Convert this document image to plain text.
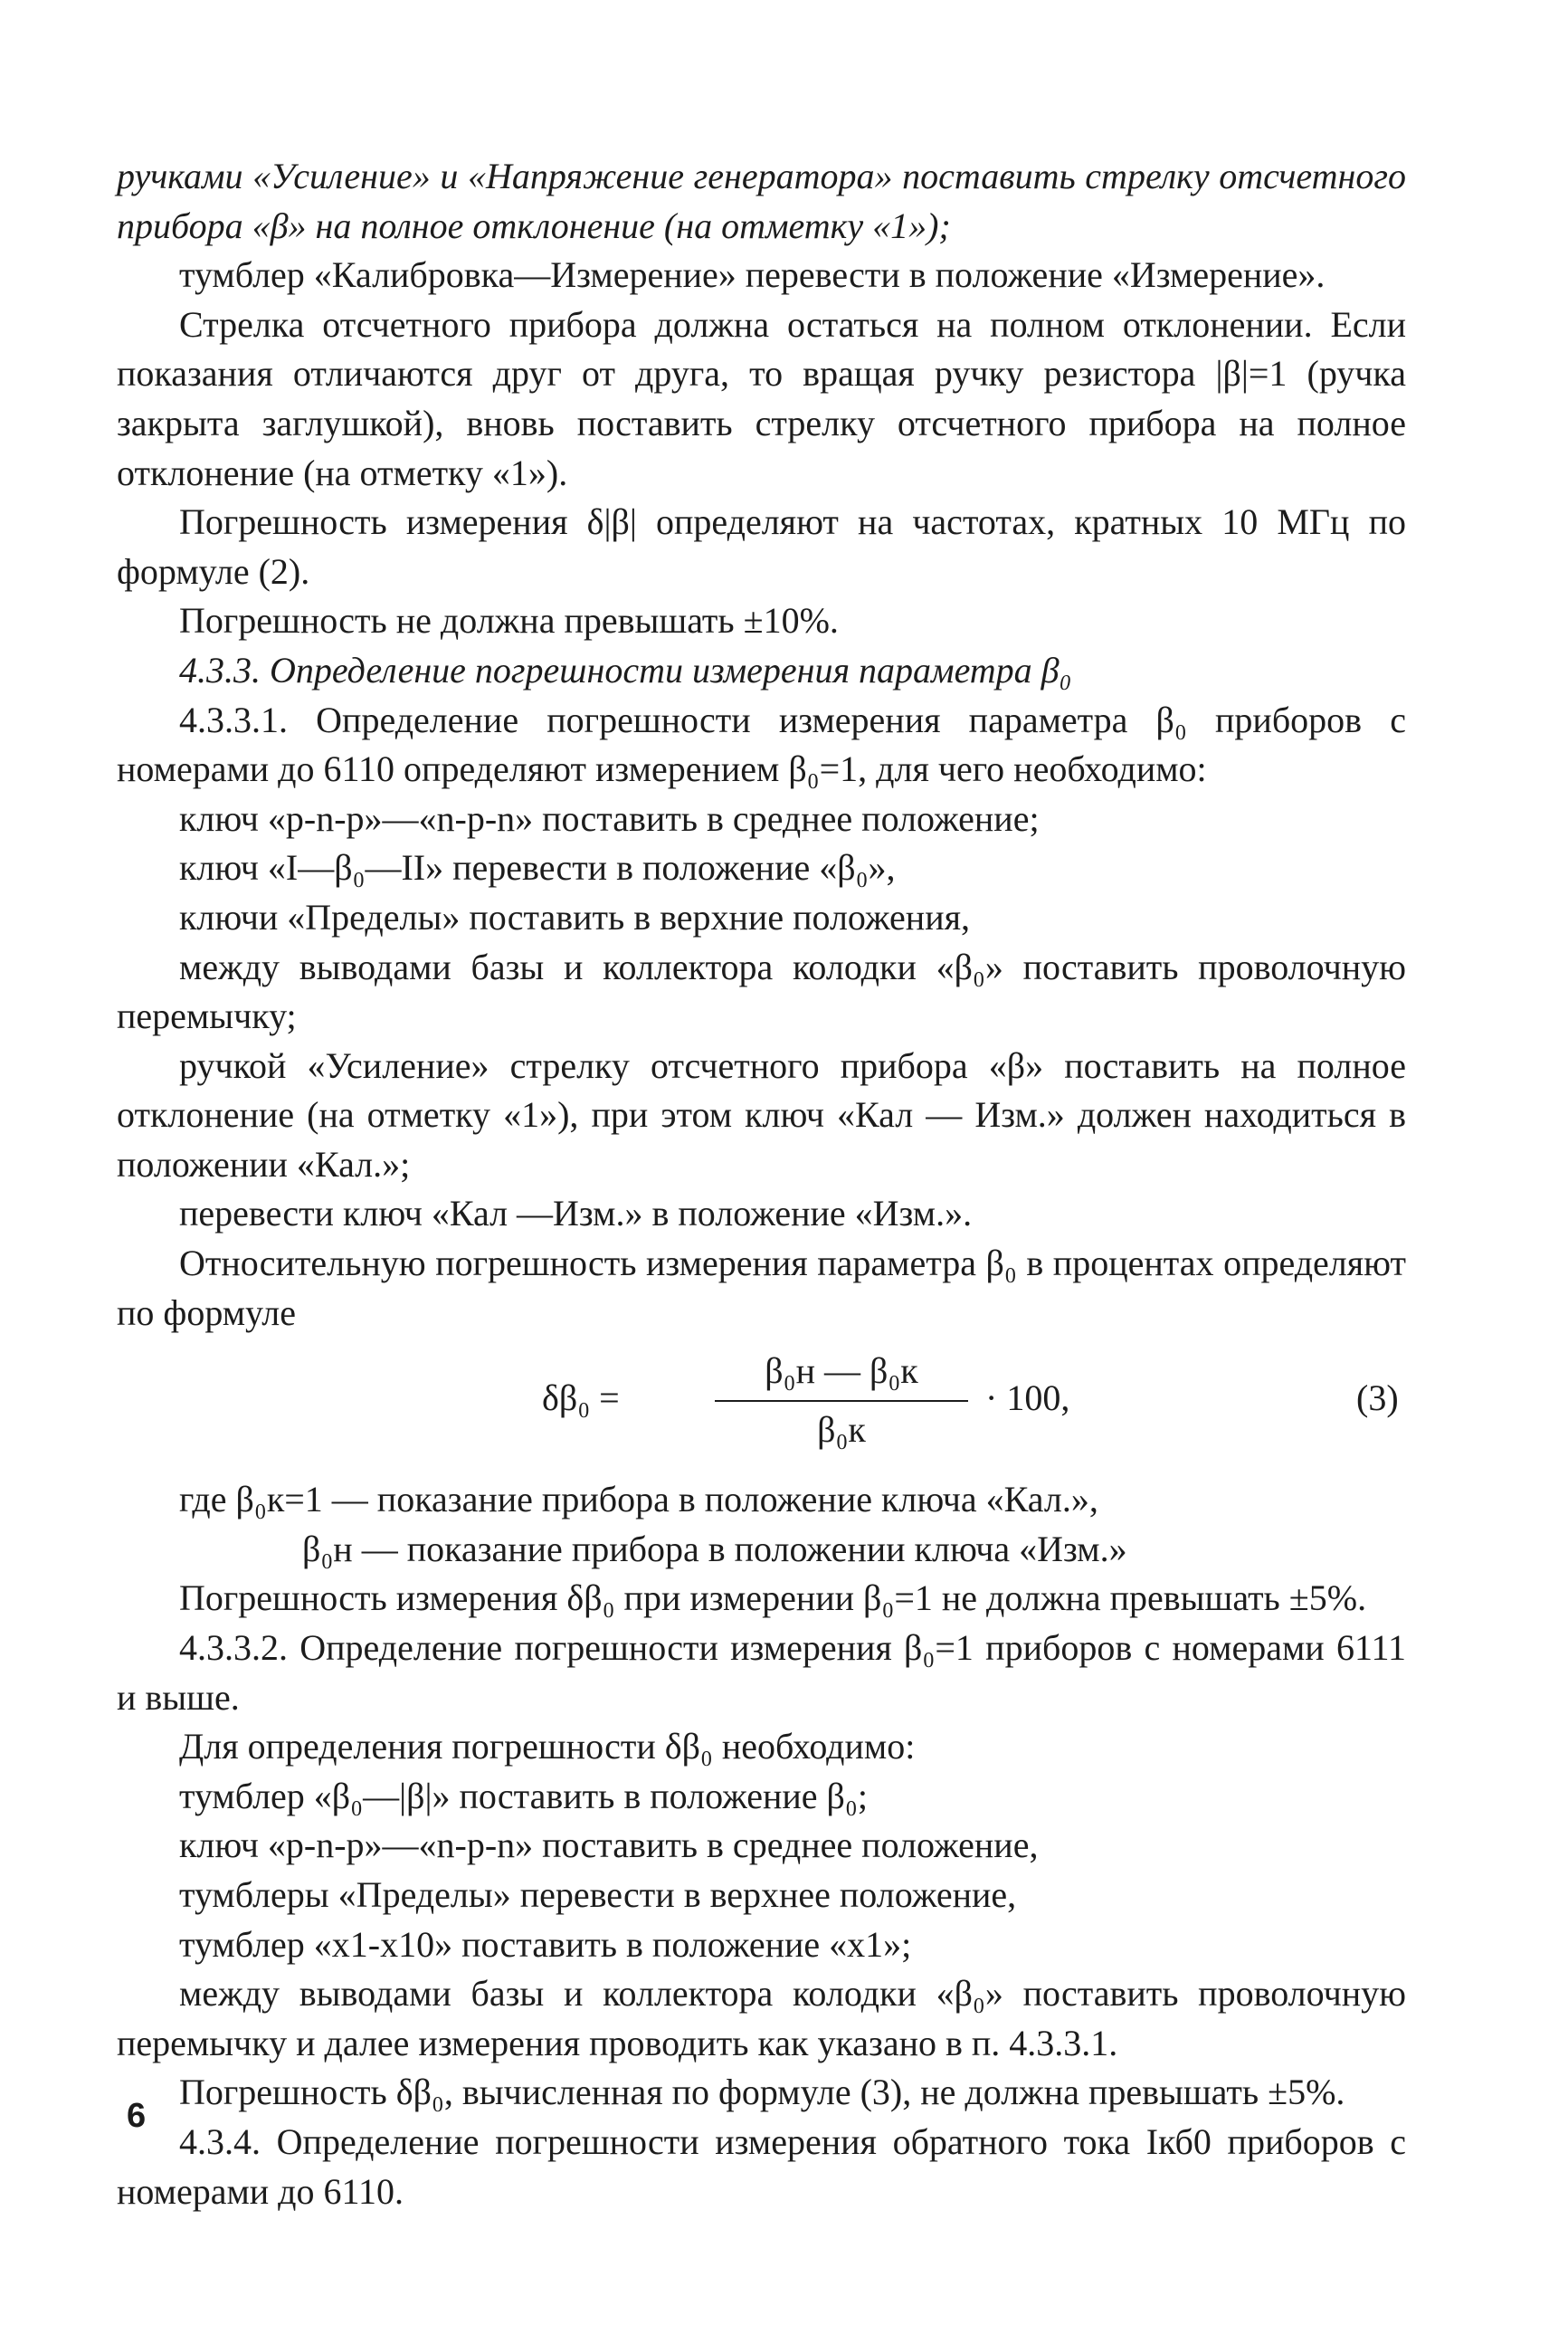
ручками «Усиление» и «Напряжение генератора» поставить стрелку отсчетного прибора «β» на полное отклонение (на отметку «1»);

тумблер «Калибровка—Измерение» перевести в положение «Измерение».

Стрелка отсчетного прибора должна остаться на полном отклонении. Если показания отличаются друг от друга, то вращая ручку резистора |β|=1 (ручка закрыта заглушкой), вновь поставить стрелку отсчетного прибора на полное отклонение (на отметку «1»).

Погрешность измерения δ|β| определяют на частотах, кратных 10 МГц по формуле (2).

Погрешность не должна превышать ±10%.

4.3.3. Определение погрешности измерения параметра β₀

4.3.3.1. Определение погрешности измерения параметра β₀ приборов с номерами до 6110 определяют измерением β₀=1, для чего необходимо:

ключ «p-n-p»—«n-p-n» поставить в среднее положение;

ключ «I—β₀—II» перевести в положение «β₀»,

ключи «Пределы» поставить в верхние положения,

между выводами базы и коллектора колодки «β₀» поставить проволочную перемычку;

ручкой «Усиление» стрелку отсчетного прибора «β» поставить на полное отклонение (на отметку «1»), при этом ключ «Кал — Изм.» должен находиться в положении «Кал.»;

перевести ключ «Кал —Изм.» в положение «Изм.».

Относительную погрешность измерения параметра β₀ в процентах определяют по формуле

δβ₀ =
β₀н — β₀к
β₀к
· 100,	(3)

где β₀к=1 — показание прибора в положение ключа «Кал.»,

β₀н — показание прибора в положении ключа «Изм.»

Погрешность измерения δβ₀ при измерении β₀=1 не должна превышать ±5%.

4.3.3.2. Определение погрешности измерения β₀=1 приборов с номерами 6111 и выше.

Для определения погрешности δβ₀ необходимо:

тумблер «β₀—|β|» поставить в положение β₀;

ключ «p-n-p»—«n-p-n» поставить в среднее положение,

тумблеры «Пределы» перевести в верхнее положение,

тумблер «x1-x10» поставить в положение «x1»;

между выводами базы и коллектора колодки «β₀» поставить проволочную перемычку и далее измерения проводить как указано в п. 4.3.3.1.

Погрешность δβ₀, вычисленная по формуле (3), не должна превышать ±5%.

4.3.4. Определение погрешности измерения обратного тока Iкб0 приборов с номерами до 6110.

6
